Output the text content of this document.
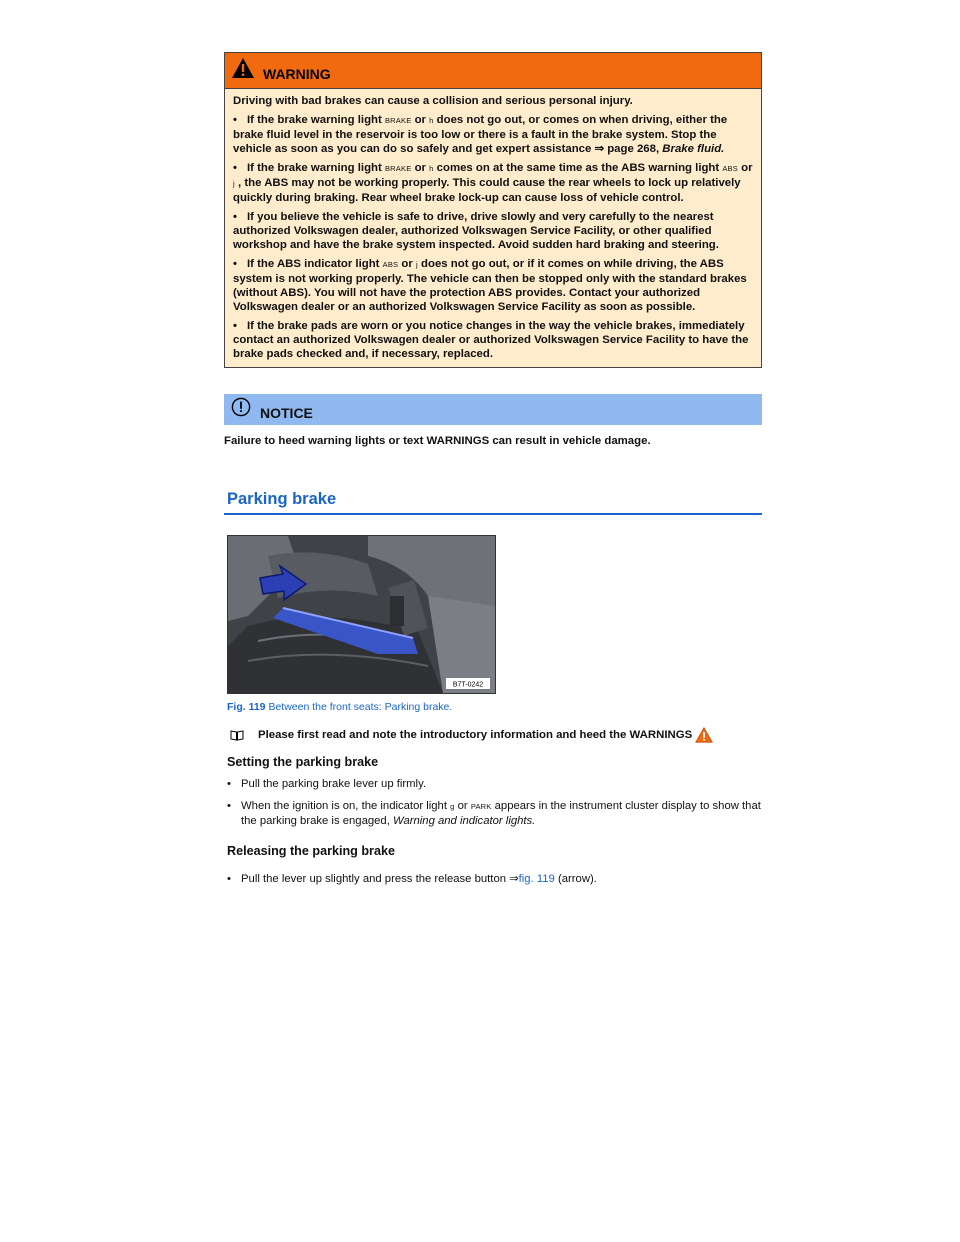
WARNING

Driving with bad brakes can cause a collision and serious personal injury.

• If the brake warning light BRAKE or h does not go out, or comes on when driving, either the brake fluid level in the reservoir is too low or there is a fault in the brake system. Stop the vehicle as soon as you can do so safely and get expert assistance ⇒ page 268, Brake fluid.

• If the brake warning light BRAKE or h comes on at the same time as the ABS warning light ABS or j , the ABS may not be working properly. This could cause the rear wheels to lock up relatively quickly during braking. Rear wheel brake lock-up can cause loss of vehicle control.

• If you believe the vehicle is safe to drive, drive slowly and very carefully to the nearest authorized Volkswagen dealer, authorized Volkswagen Service Facility, or other qualified workshop and have the brake system inspected. Avoid sudden hard braking and steering.

• If the ABS indicator light ABS or j does not go out, or if it comes on while driving, the ABS system is not working properly. The vehicle can then be stopped only with the standard brakes (without ABS). You will not have the protection ABS provides. Contact your authorized Volkswagen dealer or an authorized Volkswagen Service Facility as soon as possible.

• If the brake pads are worn or you notice changes in the way the vehicle brakes, immediately contact an authorized Volkswagen dealer or authorized Volkswagen Service Facility to have the brake pads checked and, if necessary, replaced.

NOTICE
Failure to heed warning lights or text WARNINGS can result in vehicle damage.
Parking brake
B7T-0242
Fig. 119 Between the front seats: Parking brake.
Please first read and note the introductory information and heed the WARNINGS
Setting the parking brake
• Pull the parking brake lever up firmly.
• When the ignition is on, the indicator light g or PARK appears in the instrument cluster display to show that the parking brake is engaged, Warning and indicator lights.
Releasing the parking brake
• Pull the lever up slightly and press the release button ⇒fig. 119 (arrow).
